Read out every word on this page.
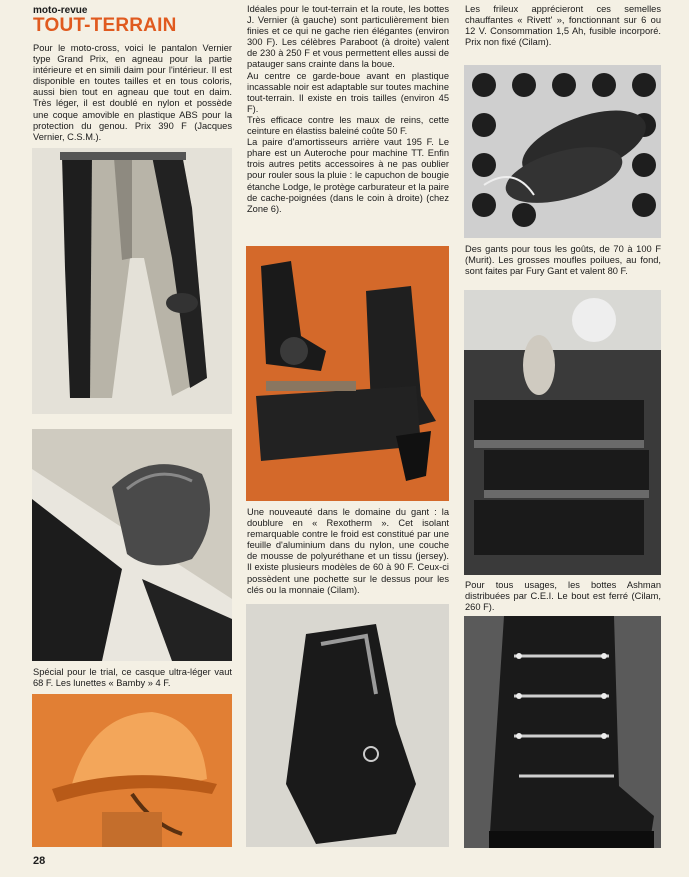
moto-revue
TOUT-TERRAIN
Pour le moto-cross, voici le pantalon Vernier type Grand Prix, en agneau pour la partie intérieure et en simili daim pour l'intérieur. Il est disponible en toutes tailles et en tous coloris, aussi bien tout en agneau que tout en daim. Très léger, il est doublé en nylon et possède une coque amovible en plastique ABS pour la protection du genou. Prix 390 F (Jacques Vernier, C.S.M.).
Spécial pour le trial, ce casque ultra-léger vaut 68 F. Les lunettes « Bamby » 4 F.
28
Idéales pour le tout-terrain et la route, les bottes J. Vernier (à gauche) sont particulièrement bien finies et ce qui ne gache rien élégantes (environ 300 F). Les célèbres Paraboot (à droite) valent de 230 à 250 F et vous permettent elles aussi de patauger sans crainte dans la boue.
Au centre ce garde-boue avant en plastique incassable noir est adaptable sur toutes machine tout-terrain. Il existe en trois tailles (environ 45 F).
Très efficace contre les maux de reins, cette ceinture en élastiss baleiné coûte 50 F.
La paire d'amortisseurs arrière vaut 195 F. Le phare est un Auteroche pour machine TT. Enfin trois autres petits accessoires à ne pas oublier pour rouler sous la pluie : le capuchon de bougie étanche Lodge, le protège carburateur et la paire de cache-poignées (dans le coin à droite) (chez Zone 6).
Une nouveauté dans le domaine du gant : la doublure en « Rexotherm ». Cet isolant remarquable contre le froid est constitué par une feuille d'aluminium dans du nylon, une couche de mousse de polyuréthane et un tissu (jersey). Il existe plusieurs modèles de 60 à 90 F. Ceux-ci possèdent une pochette sur le dessus pour les clés ou la monnaie (Cilam).
Les frileux apprécieront ces semelles chauffantes « Rivett' », fonctionnant sur 6 ou 12 V. Consommation 1,5 Ah, fusible incorporé. Prix non fixé (Cilam).
Des gants pour tous les goûts, de 70 à 100 F (Murit). Les grosses moufles poilues, au fond, sont faites par Fury Gant et valent 80 F.
Pour tous usages, les bottes Ashman distribuées par C.E.I. Le bout est ferré (Cilam, 260 F).
